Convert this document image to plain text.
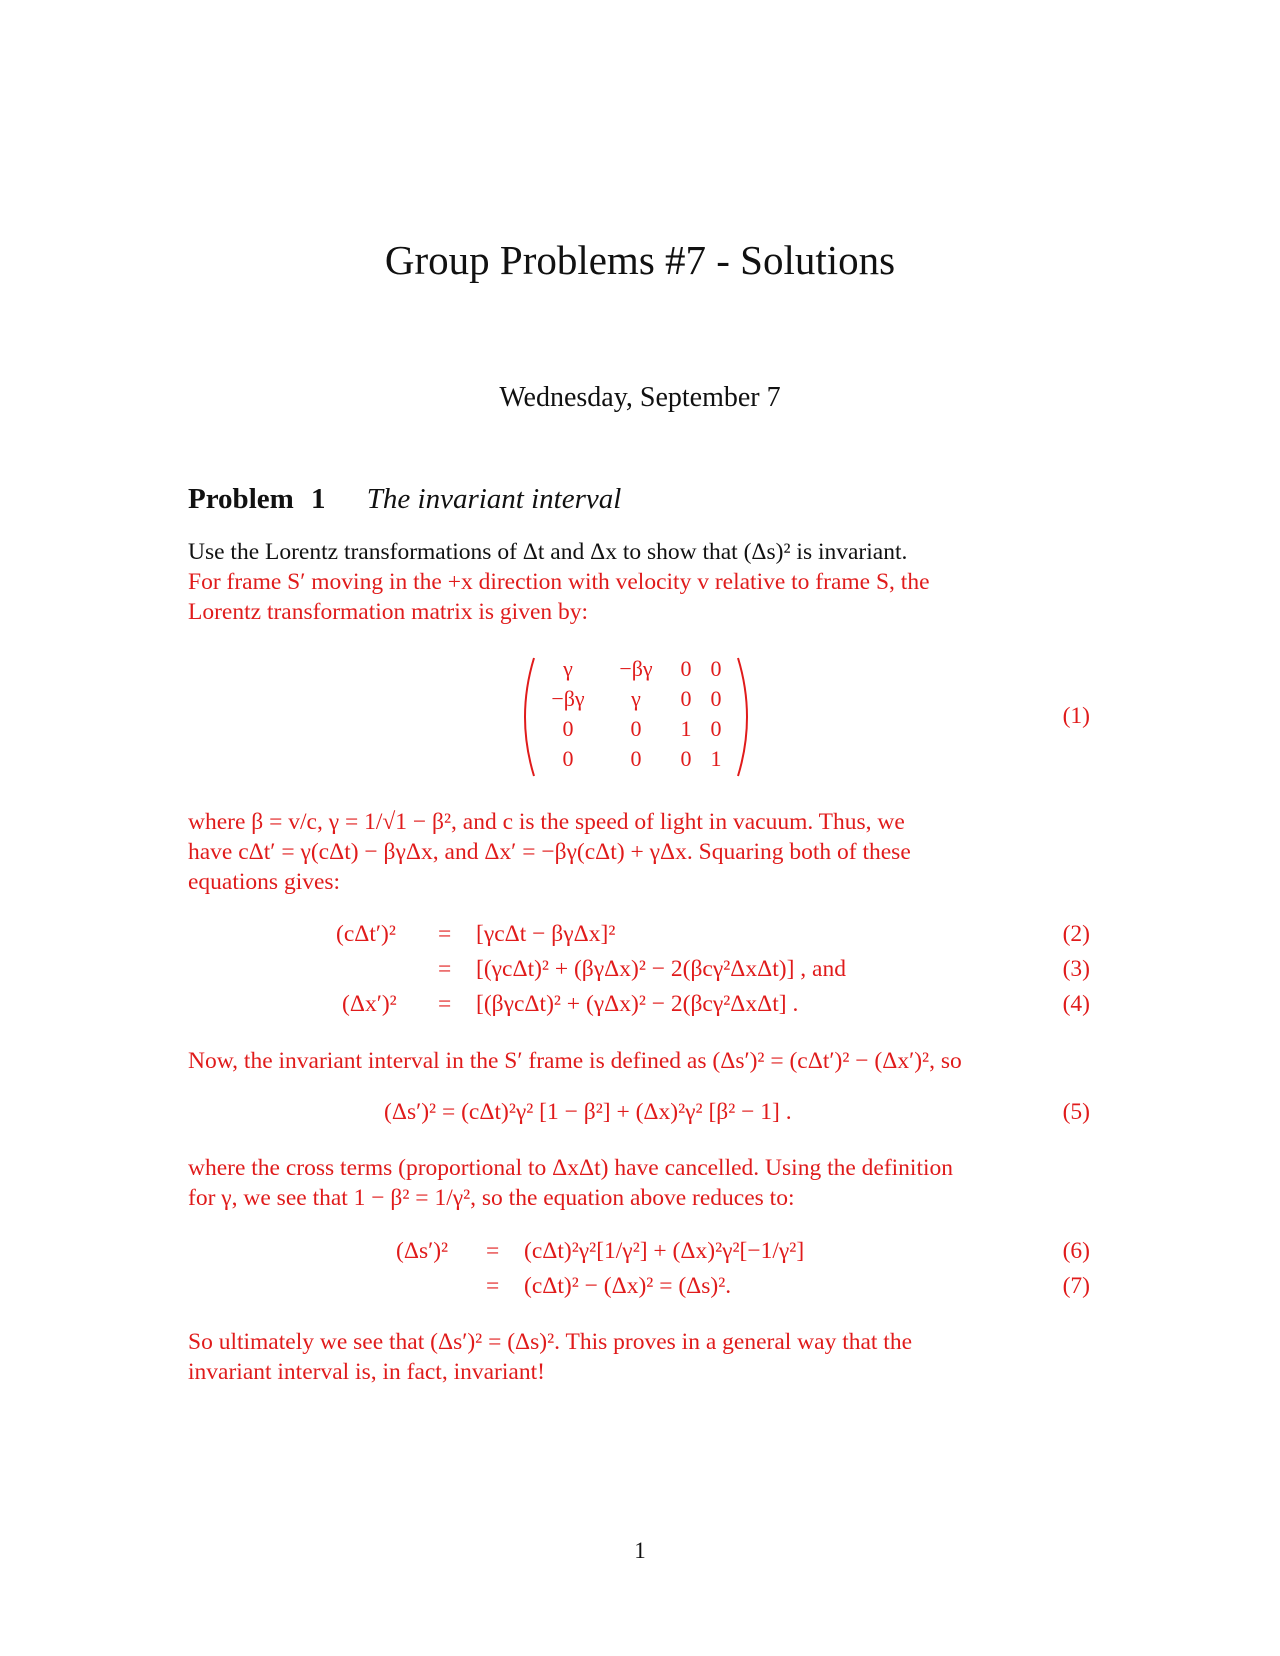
Group Problems #7 - Solutions
Wednesday, September 7
Problem 1 The invariant interval
Use the Lorentz transformations of Δt and Δx to show that (Δs)² is invariant.
For frame S′ moving in the +x direction with velocity v relative to frame S, the
Lorentz transformation matrix is given by:
γ	−βγ	0 0
−βγ	γ	0 0
0	0	1 0
0	0	0 1
(1)
where β = v/c, γ = 1/√1 − β², and c is the speed of light in vacuum. Thus, we
have cΔt′ = γ(cΔt) − βγΔx, and Δx′ = −βγ(cΔt) + γΔx. Squaring both of these
equations gives:
(cΔt′)² = [γcΔt − βγΔx]²	(2)
= [(γcΔt)² + (βγΔx)² − 2(βcγ²ΔxΔt)] , and	(3)
(Δx′)² = [(βγcΔt)² + (γΔx)² − 2(βcγ²ΔxΔt] .	(4)
Now, the invariant interval in the S′ frame is defined as (Δs′)² = (cΔt′)² − (Δx′)², so
(Δs′)² = (cΔt)²γ² [1 − β²] + (Δx)²γ² [β² − 1] .	(5)
where the cross terms (proportional to ΔxΔt) have cancelled. Using the definition
for γ, we see that 1 − β² = 1/γ², so the equation above reduces to:
(Δs′)² = (cΔt)²γ²[1/γ²] + (Δx)²γ²[−1/γ²]	(6)
= (cΔt)² − (Δx)² = (Δs)².	(7)
So ultimately we see that (Δs′)² = (Δs)². This proves in a general way that the
invariant interval is, in fact, invariant!
1
